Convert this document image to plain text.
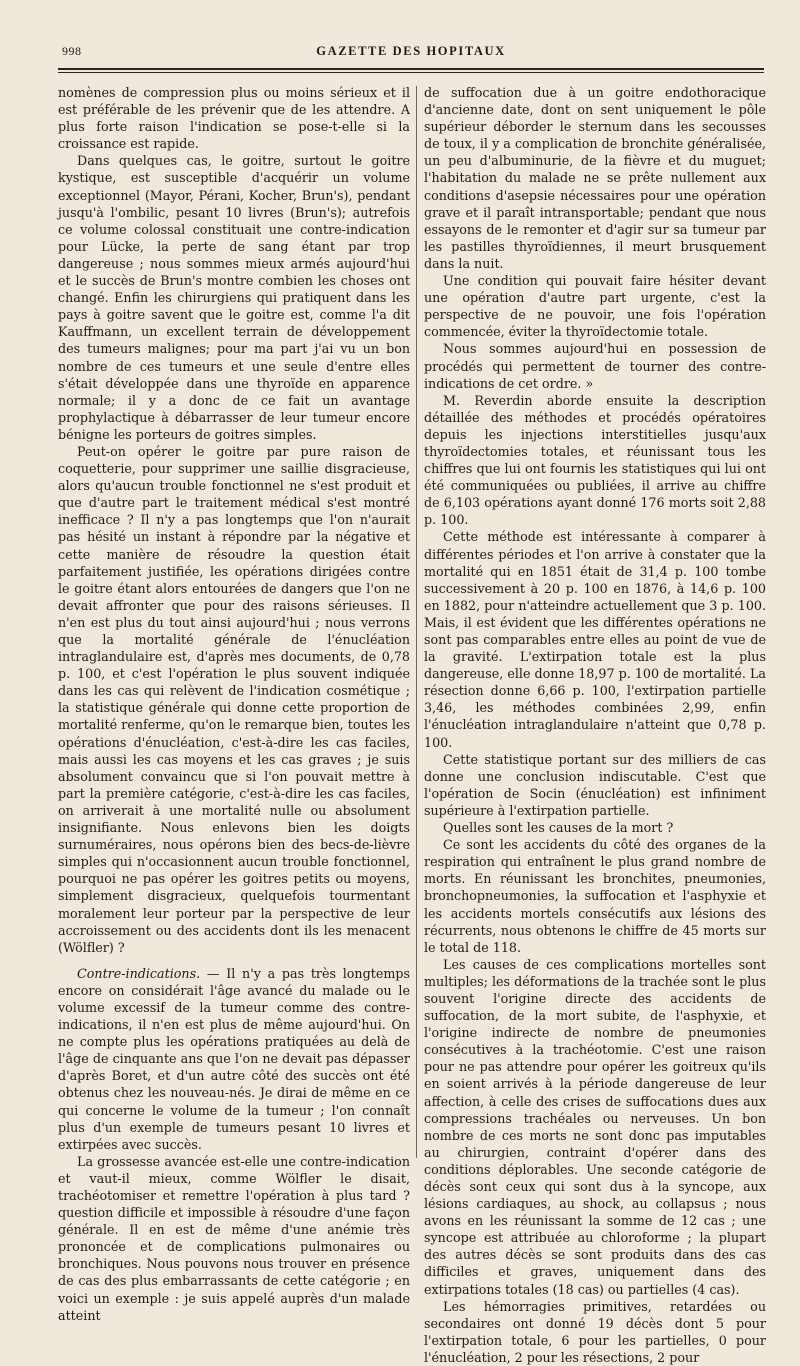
998	GAZETTE DES HOPITAUX

nomènes de compression plus ou moins sérieux et il est préférable de les prévenir que de les attendre. A plus forte raison l'indication se pose-t-elle si la croissance est rapide.

Dans quelques cas, le goitre, surtout le goitre kystique, est susceptible d'acquérir un volume exceptionnel (Mayor, Pérani, Kocher, Brun's), pendant jusqu'à l'ombilic, pesant 10 livres (Brun's); autrefois ce volume colossal constituait une contre-indication pour Lücke, la perte de sang étant par trop dangereuse ; nous sommes mieux armés aujourd'hui et le succès de Brun's montre combien les choses ont changé. Enfin les chirurgiens qui pratiquent dans les pays à goitre savent que le goitre est, comme l'a dit Kauffmann, un excellent terrain de développement des tumeurs malignes; pour ma part j'ai vu un bon nombre de ces tumeurs et une seule d'entre elles s'était développée dans une thyroïde en apparence normale; il y a donc de ce fait un avantage prophylactique à débarrasser de leur tumeur encore bénigne les porteurs de goitres simples.

Peut-on opérer le goitre par pure raison de coquetterie, pour supprimer une saillie disgracieuse, alors qu'aucun trouble fonctionnel ne s'est produit et que d'autre part le traitement médical s'est montré inefficace ? Il n'y a pas longtemps que l'on n'aurait pas hésité un instant à répondre par la négative et cette manière de résoudre la question était parfaitement justifiée, les opérations dirigées contre le goitre étant alors entourées de dangers que l'on ne devait affronter que pour des raisons sérieuses. Il n'en est plus du tout ainsi aujourd'hui ; nous verrons que la mortalité générale de l'énucléation intraglandulaire est, d'après mes documents, de 0,78 p. 100, et c'est l'opération le plus souvent indiquée dans les cas qui relèvent de l'indication cosmétique ; la statistique générale qui donne cette proportion de mortalité renferme, qu'on le remarque bien, toutes les opérations d'énucléation, c'est-à-dire les cas faciles, mais aussi les cas moyens et les cas graves ; je suis absolument convaincu que si l'on pouvait mettre à part la première catégorie, c'est-à-dire les cas faciles, on arriverait à une mortalité nulle ou absolument insignifiante. Nous enlevons bien les doigts surnuméraires, nous opérons bien des becs-de-lièvre simples qui n'occasionnent aucun trouble fonctionnel, pourquoi ne pas opérer les goitres petits ou moyens, simplement disgracieux, quelquefois tourmentant moralement leur porteur par la perspective de leur accroissement ou des accidents dont ils les menacent (Wölfler) ?

Contre-indications. — Il n'y a pas très longtemps encore on considérait l'âge avancé du malade ou le volume excessif de la tumeur comme des contre-indications, il n'en est plus de même aujourd'hui. On ne compte plus les opérations pratiquées au delà de l'âge de cinquante ans que l'on ne devait pas dépasser d'après Boret, et d'un autre côté des succès ont été obtenus chez les nouveau-nés. Je dirai de même en ce qui concerne le volume de la tumeur ; l'on connaît plus d'un exemple de tumeurs pesant 10 livres et extirpées avec succès.

La grossesse avancée est-elle une contre-indication et vaut-il mieux, comme Wölfler le disait, trachéotomiser et remettre l'opération à plus tard ? question difficile et impossible à résoudre d'une façon générale. Il en est de même d'une anémie très prononcée et de complications pulmonaires ou bronchiques. Nous pouvons nous trouver en présence de cas des plus embarrassants de cette catégorie ; en voici un exemple : je suis appelé auprès d'un malade atteint

de suffocation due à un goitre endothoracique d'ancienne date, dont on sent uniquement le pôle supérieur déborder le sternum dans les secousses de toux, il y a complication de bronchite généralisée, un peu d'albuminurie, de la fièvre et du muguet; l'habitation du malade ne se prête nullement aux conditions d'asepsie nécessaires pour une opération grave et il paraît intransportable; pendant que nous essayons de le remonter et d'agir sur sa tumeur par les pastilles thyroïdiennes, il meurt brusquement dans la nuit.

Une condition qui pouvait faire hésiter devant une opération d'autre part urgente, c'est la perspective de ne pouvoir, une fois l'opération commencée, éviter la thyroïdectomie totale.

Nous sommes aujourd'hui en possession de procédés qui permettent de tourner des contre-indications de cet ordre. »

M. Reverdin aborde ensuite la description détaillée des méthodes et procédés opératoires depuis les injections interstitielles jusqu'aux thyroïdectomies totales, et réunissant tous les chiffres que lui ont fournis les statistiques qui lui ont été communiquées ou publiées, il arrive au chiffre de 6,103 opérations ayant donné 176 morts soit 2,88 p. 100.

Cette méthode est intéressante à comparer à différentes périodes et l'on arrive à constater que la mortalité qui en 1851 était de 31,4 p. 100 tombe successivement à 20 p. 100 en 1876, à 14,6 p. 100 en 1882, pour n'atteindre actuellement que 3 p. 100. Mais, il est évident que les différentes opérations ne sont pas comparables entre elles au point de vue de la gravité. L'extirpation totale est la plus dangereuse, elle donne 18,97 p. 100 de mortalité. La résection donne 6,66 p. 100, l'extirpation partielle 3,46, les méthodes combinées 2,99, enfin l'énucléation intraglandulaire n'atteint que 0,78 p. 100.

Cette statistique portant sur des milliers de cas donne une conclusion indiscutable. C'est que l'opération de Socin (énucléation) est infiniment supérieure à l'extirpation partielle.

Quelles sont les causes de la mort ?

Ce sont les accidents du côté des organes de la respiration qui entraînent le plus grand nombre de morts. En réunissant les bronchites, pneumonies, bronchopneumonies, la suffocation et l'asphyxie et les accidents mortels consécutifs aux lésions des récurrents, nous obtenons le chiffre de 45 morts sur le total de 118.

Les causes de ces complications mortelles sont multiples; les déformations de la trachée sont le plus souvent l'origine directe des accidents de suffocation, de la mort subite, de l'asphyxie, et l'origine indirecte de nombre de pneumonies consécutives à la trachéotomie. C'est une raison pour ne pas attendre pour opérer les goitreux qu'ils en soient arrivés à la période dangereuse de leur affection, à celle des crises de suffocations dues aux compressions trachéales ou nerveuses. Un bon nombre de ces morts ne sont donc pas imputables au chirurgien, contraint d'opérer dans des conditions déplorables. Une seconde catégorie de décès sont ceux qui sont dus à la syncope, aux lésions cardiaques, au shock, au collapsus ; nous avons en les réunissant la somme de 12 cas ; une syncope est attribuée au chloroforme ; la plupart des autres décès se sont produits dans des cas difficiles et graves, uniquement dans des extirpations totales (18 cas) ou partielles (4 cas).

Les hémorragies primitives, retardées ou secondaires ont donné 19 décès dont 5 pour l'extirpation totale, 6 pour les partielles, 0 pour l'énucléation, 2 pour les résections, 2 pour
